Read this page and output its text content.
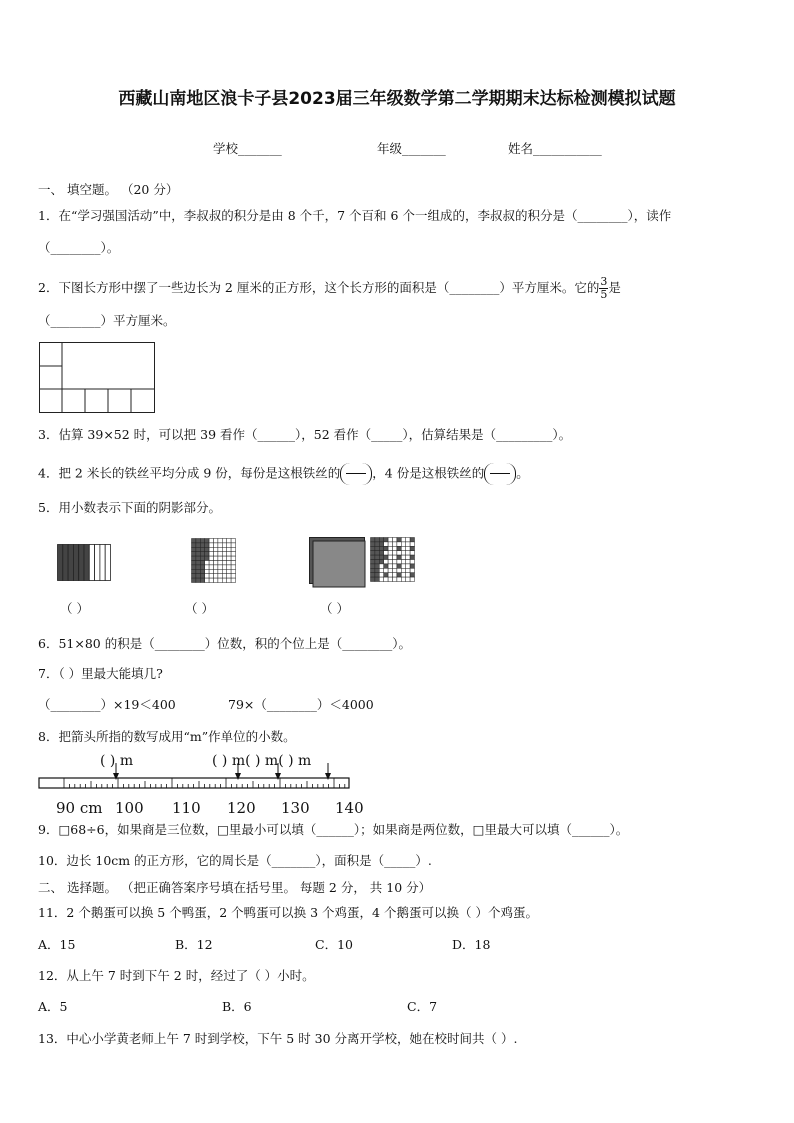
西藏山南地区浪卡子县2023届三年级数学第二学期期末达标检测模拟试题
学校_______	年级_______	姓名___________
一、 填空题。 （20 分）
1．在“学习强国活动”中，李叔叔的积分是由 8 个千，7 个百和 6 个一组成的，李叔叔的积分是（________），读作
（________）。
2．下图长方形中摆了一些边长为 2 厘米的正方形，这个长方形的面积是（________）平方厘米。它的 $\frac{3}{5}$ 是
（________）平方厘米。
3．估算 39×52 时，可以把 39 看作（______），52 看作（_____），估算结果是（_________）。
4．把 2 米长的铁丝平均分成 9 份，每份是这根铁丝的	，4 份是这根铁丝的	。
5．用小数表示下面的阴影部分。
（ ）	（ ）	（ ）
6．51×80 的积是（________）位数，积的个位上是（________）。
7．（ ）里最大能填几?
（________）×19＜400	79×（________）＜4000
8．把箭头所指的数写成用“m”作单位的小数。
( ) m	( ) m( ) m( ) m
90 cm 100 110 120 130 140
9．□68÷6，如果商是三位数，□里最小可以填（______）；如果商是两位数，□里最大可以填（______）。
10．边长 10cm 的正方形，它的周长是（_______），面积是（_____）.
二、 选择题。 （把正确答案序号填在括号里。 每题 2 分， 共 10 分）
11．2 个鹅蛋可以换 5 个鸭蛋，2 个鸭蛋可以换 3 个鸡蛋，4 个鹅蛋可以换（ ）个鸡蛋。
A．15	B．12	C．10	D．18
12．从上午 7 时到下午 2 时，经过了（ ）小时。
A．5	B．6	C．7
13．中心小学黄老师上午 7 时到学校，下午 5 时 30 分离开学校，她在校时间共（ ）.
